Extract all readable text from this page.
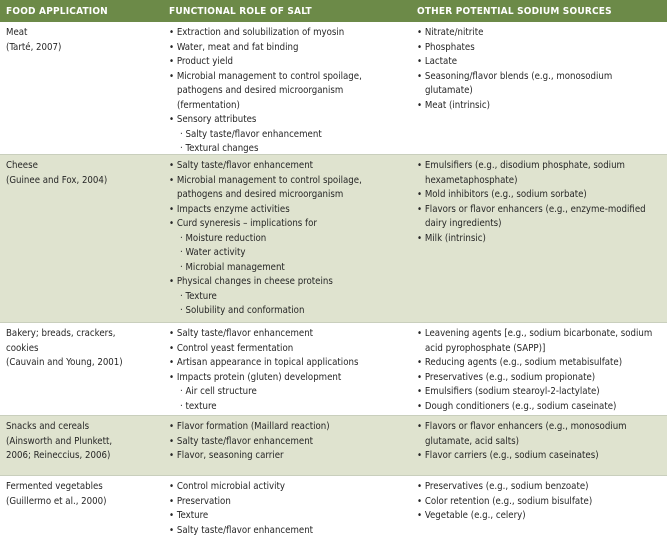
FOOD APPLICATION	FUNCTIONAL ROLE OF SALT	OTHER POTENTIAL SODIUM SOURCES
Meat
(Tarté, 2007)
• Extraction and solubilization of myosin
• Water, meat and fat binding
• Product yield
• Microbial management to control spoilage,
pathogens and desired microorganism
(fermentation)
• Sensory attributes
· Salty taste/flavor enhancement
· Textural changes
• Nitrate/nitrite
• Phosphates
• Lactate
• Seasoning/flavor blends (e.g., monosodium
glutamate)
• Meat (intrinsic)
Cheese
(Guinee and Fox, 2004)
• Salty taste/flavor enhancement
• Microbial management to control spoilage,
pathogens and desired microorganism
• Impacts enzyme activities
• Curd syneresis – implications for
· Moisture reduction
· Water activity
· Microbial management
• Physical changes in cheese proteins
· Texture
· Solubility and conformation
• Emulsifiers (e.g., disodium phosphate, sodium
hexametaphosphate)
• Mold inhibitors (e.g., sodium sorbate)
• Flavors or flavor enhancers (e.g., enzyme-modified
dairy ingredients)
• Milk (intrinsic)
Bakery; breads, crackers,
cookies
(Cauvain and Young, 2001)
• Salty taste/flavor enhancement
• Control yeast fermentation
• Artisan appearance in topical applications
• Impacts protein (gluten) development
· Air cell structure
· texture
• Leavening agents [e.g., sodium bicarbonate, sodium
acid pyrophosphate (SAPP)]
• Reducing agents (e.g., sodium metabisulfate)
• Preservatives (e.g., sodium propionate)
• Emulsifiers (sodium stearoyl-2-lactylate)
• Dough conditioners (e.g., sodium caseinate)
Snacks and cereals
(Ainsworth and Plunkett,
2006; Reineccius, 2006)
• Flavor formation (Maillard reaction)
• Salty taste/flavor enhancement
• Flavor, seasoning carrier
• Flavors or flavor enhancers (e.g., monosodium
glutamate, acid salts)
• Flavor carriers (e.g., sodium caseinates)
Fermented vegetables
(Guillermo et al., 2000)
• Control microbial activity
• Preservation
• Texture
• Salty taste/flavor enhancement
• Preservatives (e.g., sodium benzoate)
• Color retention (e.g., sodium bisulfate)
• Vegetable (e.g., celery)
